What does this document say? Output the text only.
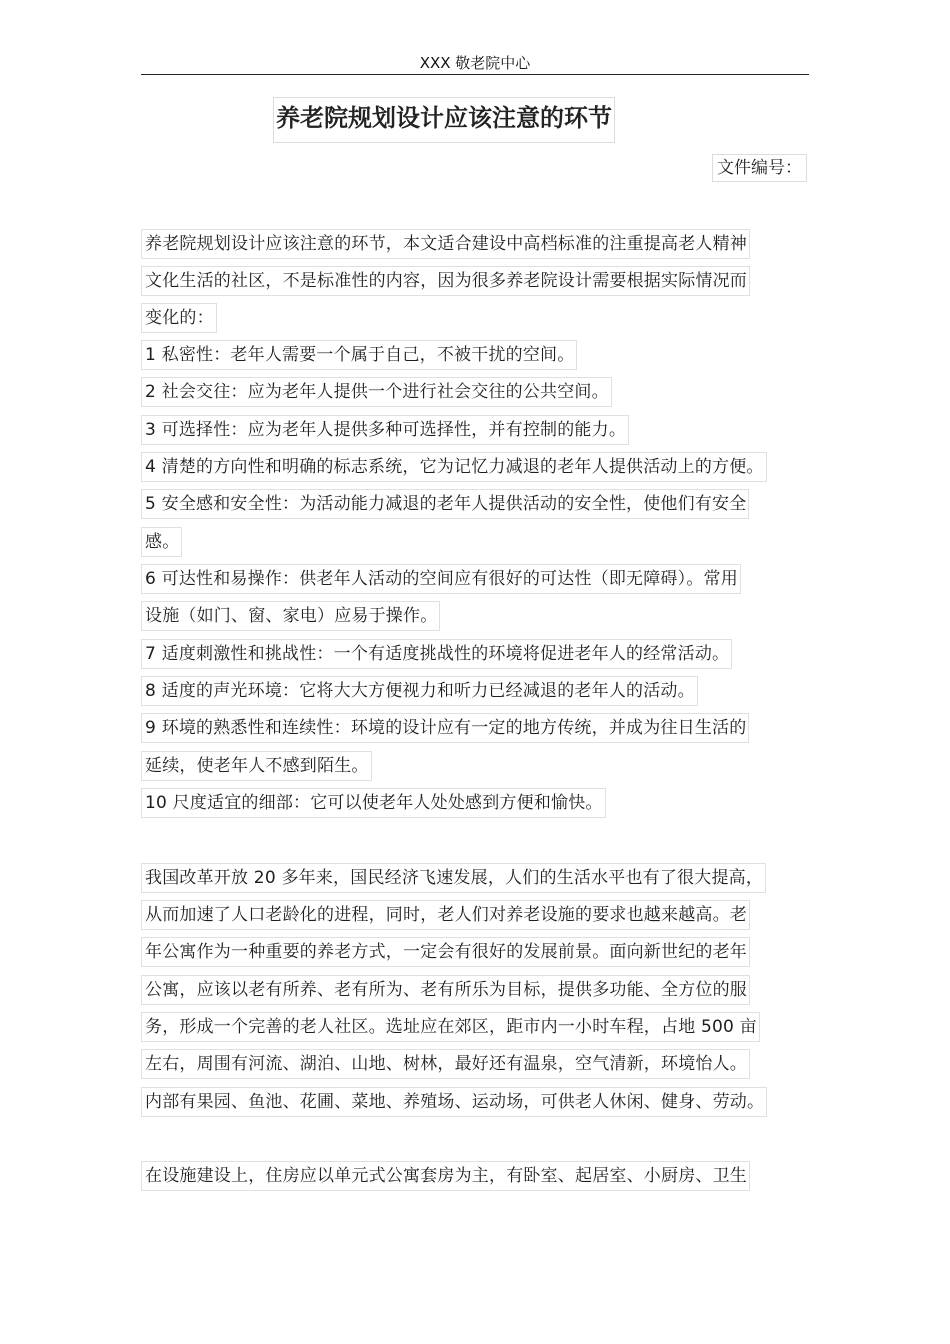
XXX 敬老院中心
养老院规划设计应该注意的环节
文件编号：
养老院规划设计应该注意的环节，本文适合建设中高档标准的注重提高老人精神
文化生活的社区，不是标准性的内容，因为很多养老院设计需要根据实际情况而
变化的：
1 私密性：老年人需要一个属于自己，不被干扰的空间。
2 社会交往：应为老年人提供一个进行社会交往的公共空间。
3 可选择性：应为老年人提供多种可选择性，并有控制的能力。
4 清楚的方向性和明确的标志系统，它为记忆力减退的老年人提供活动上的方便。
5 安全感和安全性：为活动能力减退的老年人提供活动的安全性，使他们有安全
感。
6 可达性和易操作：供老年人活动的空间应有很好的可达性（即无障碍）。常用
设施（如门、窗、家电）应易于操作。
7 适度刺激性和挑战性：一个有适度挑战性的环境将促进老年人的经常活动。
8 适度的声光环境：它将大大方便视力和听力已经减退的老年人的活动。
9 环境的熟悉性和连续性：环境的设计应有一定的地方传统，并成为往日生活的
延续，使老年人不感到陌生。
10 尺度适宜的细部：它可以使老年人处处感到方便和愉快。
我国改革开放 20 多年来，国民经济飞速发展，人们的生活水平也有了很大提高，
从而加速了人口老龄化的进程，同时，老人们对养老设施的要求也越来越高。老
年公寓作为一种重要的养老方式，一定会有很好的发展前景。面向新世纪的老年
公寓，应该以老有所养、老有所为、老有所乐为目标，提供多功能、全方位的服
务，形成一个完善的老人社区。选址应在郊区，距市内一小时车程，占地 500 亩
左右，周围有河流、湖泊、山地、树林，最好还有温泉，空气清新，环境怡人。
内部有果园、鱼池、花圃、菜地、养殖场、运动场，可供老人休闲、健身、劳动。
在设施建设上，住房应以单元式公寓套房为主，有卧室、起居室、小厨房、卫生
